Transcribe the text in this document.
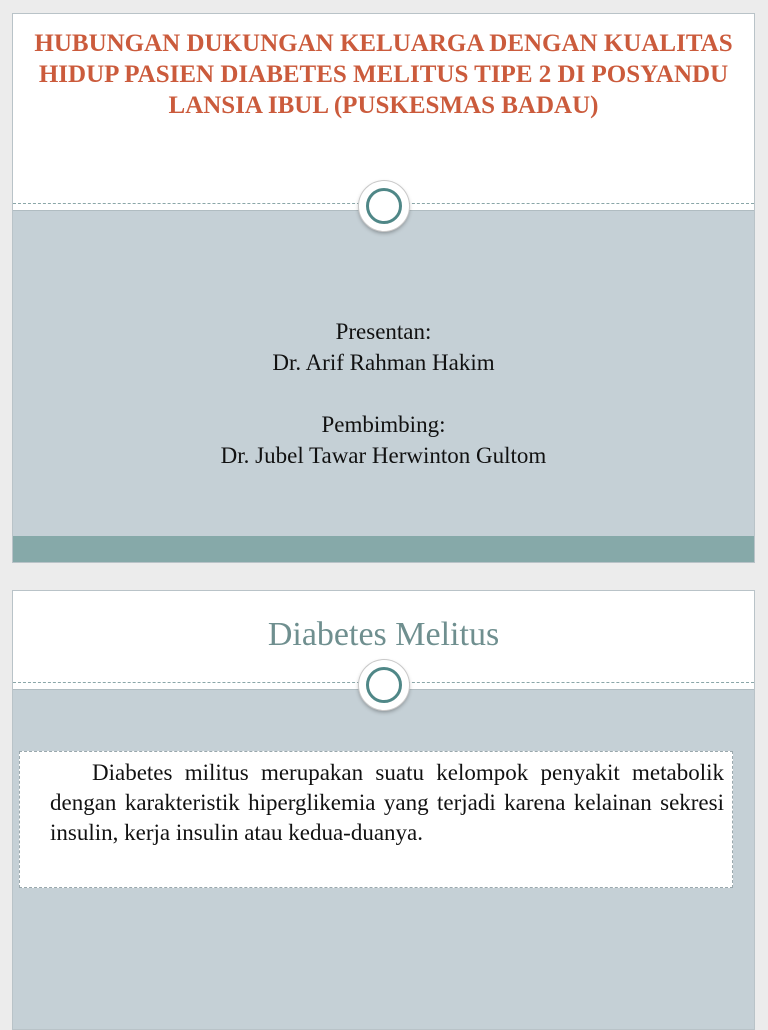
HUBUNGAN DUKUNGAN KELUARGA DENGAN KUALITAS HIDUP PASIEN DIABETES MELITUS TIPE 2 DI POSYANDU LANSIA IBUL (PUSKESMAS BADAU)

Presentan:

Dr. Arif Rahman Hakim

Pembimbing:

Dr. Jubel Tawar Herwinton Gultom

Diabetes Melitus
Diabetes militus merupakan suatu kelompok penyakit metabolik dengan karakteristik hiperglikemia yang terjadi karena kelainan sekresi insulin, kerja insulin atau kedua-duanya.
